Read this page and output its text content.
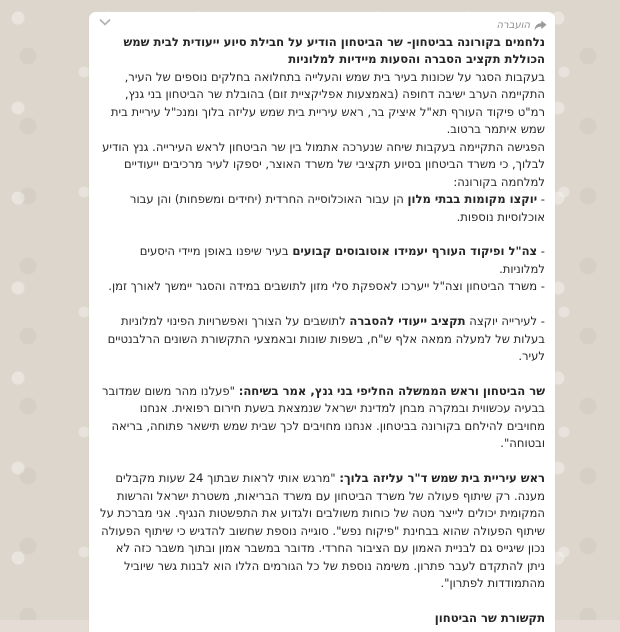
הועברה

נלחמים בקורונה בביטחון- שר הביטחון הודיע על חבילת סיוע ייעודית לבית שמש הכוללת תקציב הסברה והסעות מיידיות למלוניות

בעקבות הסגר על שכונות בעיר בית שמש והעלייה בתחלואה בחלקים נוספים של העיר, התקיימה הערב ישיבה דחופה (באמצעות אפליקציית זום) בהובלת שר הביטחון בני גנץ, רמ"ט פיקוד העורף תא"ל איציק בר, ראש עיריית בית שמש עליזה בלוך ומנכ"ל עיריית בית שמש איתמר ברטוב.

הפגישה התקיימה בעקבות שיחה שנערכה אתמול בין שר הביטחון לראש העירייה. גנץ הודיע לבלוך, כי משרד הביטחון בסיוע תקציבי של משרד האוצר, יספקו לעיר מרכיבים ייעודיים למלחמה בקורונה:

- יוקצו מקומות בבתי מלון הן עבור האוכלוסייה החרדית (יחידים ומשפחות) והן עבור אוכלוסיות נוספות.

- צה"ל ופיקוד העורף יעמידו אוטובוסים קבועים בעיר שיפנו באופן מיידי היסעים למלוניות.

- משרד הביטחון וצה"ל ייערכו לאספקת סלי מזון לתושבים במידה והסגר יימשך לאורך זמן.

- לעירייה יוקצה תקציב ייעודי להסברה לתושבים על הצורך ואפשרויות הפינוי למלוניות בעלות של למעלה ממאה אלף ש"ח, בשפות שונות ובאמצעי התקשורת השונים הרלבנטיים לעיר.

שר הביטחון וראש הממשלה החליפי בני גנץ, אמר בשיחה: "פעלנו מהר משום שמדובר בבעיה עכשווית ובמקרה מבחן למדינת ישראל שנמצאת בשעת חירום רפואית. אנחנו מחויבים להילחם בקורונה בביטחון. אנחנו מחויבים לכך שבית שמש תישאר פתוחה, בריאה ובטוחה".

ראש עיריית בית שמש ד"ר עליזה בלוך: "מרגש אותי לראות שבתוך 24 שעות מקבלים מענה. רק שיתוף פעולה של משרד הביטחון עם משרד הבריאות, משטרת ישראל והרשות המקומית יכולים לייצר מטה של כוחות משולבים ולגדוע את התפשטות הנגיף. אני מברכת על שיתוף הפעולה שהוא בבחינת "פיקוח נפש". סוגייה נוספת שחשוב להדגיש כי שיתוף הפעולה נכון שיגייס גם לבניית האמון עם הציבור החרדי. מדובר במשבר אמון ובתוך משבר כזה לא ניתן להתקדם לעבר פתרון. משימה נוספת של כל הגורמים הללו הוא לבנות גשר שיוביל מהתמודדות לפתרון".

תקשורת שר הביטחון
